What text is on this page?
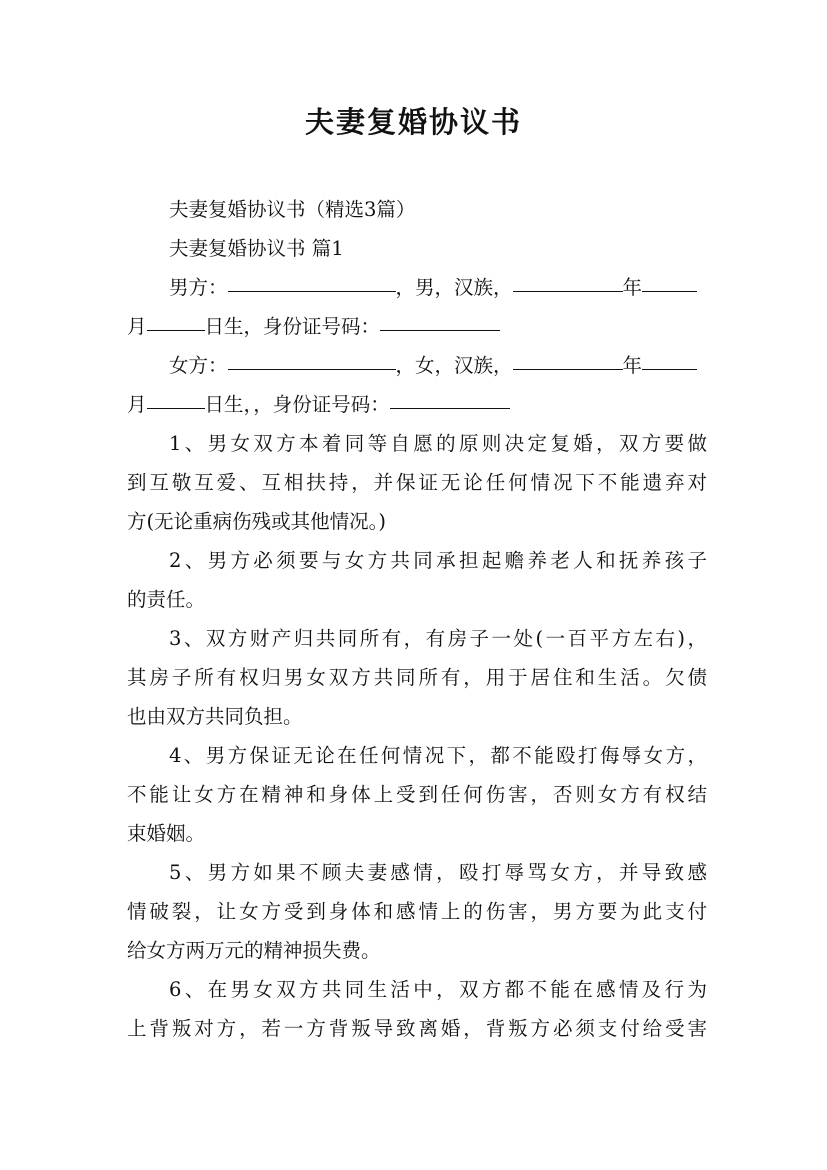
夫妻复婚协议书
夫妻复婚协议书（精选3篇）
夫妻复婚协议书 篇1
男方：	，男，汉族，	年
月	日生，身份证号码：
女方：	，女，汉族，	年
月	日生，，身份证号码：
1、男女双方本着同等自愿的原则决定复婚，双方要做
到互敬互爱、互相扶持，并保证无论任何情况下不能遗弃对
方(无论重病伤残或其他情况。)
2、男方必须要与女方共同承担起赡养老人和抚养孩子
的责任。
3、双方财产归共同所有，有房子一处(一百平方左右)，
其房子所有权归男女双方共同所有，用于居住和生活。欠债
也由双方共同负担。
4、男方保证无论在任何情况下，都不能殴打侮辱女方，
不能让女方在精神和身体上受到任何伤害，否则女方有权结
束婚姻。
5、男方如果不顾夫妻感情，殴打辱骂女方，并导致感
情破裂，让女方受到身体和感情上的伤害，男方要为此支付
给女方两万元的精神损失费。
6、在男女双方共同生活中，双方都不能在感情及行为
上背叛对方，若一方背叛导致离婚，背叛方必须支付给受害
